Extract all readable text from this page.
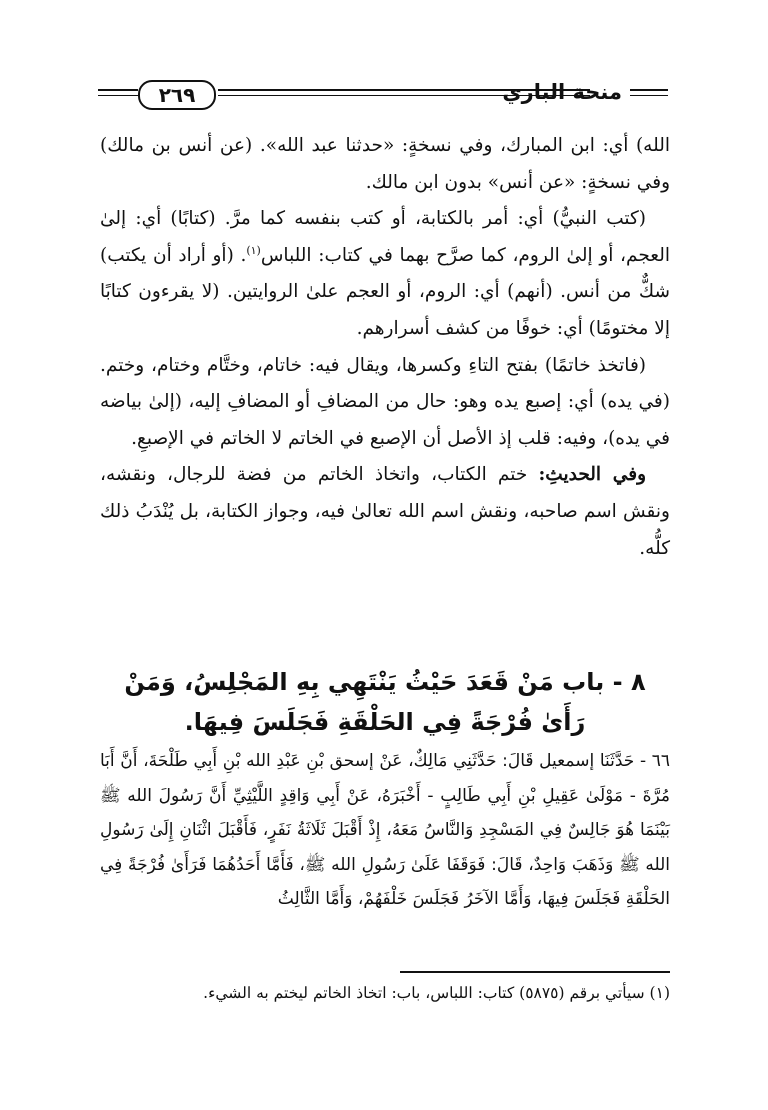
٢٦٩	منحة الباري

الله) أي: ابن المبارك، وفي نسخةٍ: «حدثنا عبد الله». (عن أنس بن مالك) وفي نسخةٍ: «عن أنس» بدون ابن مالك.

(كتب النبيُّ) أي: أمر بالكتابة، أو كتب بنفسه كما مرَّ. (كتابًا) أي: إلىٰ العجم، أو إلىٰ الروم، كما صرَّح بهما في كتاب: اللباس$^{(١)}$. (أو أراد أن يكتب) شكٌّ من أنس. (أنهم) أي: الروم، أو العجم علىٰ الروايتين. (لا يقرءون كتابًا إلا مختومًا) أي: خوفًا من كشف أسرارهم.

(فاتخذ خاتمًا) بفتح التاءِ وكسرها، ويقال فيه: خاتام، وختَّام وختام، وختم. (في يده) أي: إصبع يده وهو: حال من المضافِ أو المضافِ إليه، (إلىٰ بياضه في يده)، وفيه: قلب إذ الأصل أن الإصبع في الخاتم لا الخاتم في الإصبعِ.

وفي الحديثِ: ختم الكتاب، واتخاذ الخاتم من فضة للرجال، ونقشه، ونقش اسم صاحبه، ونقش اسم الله تعالىٰ فيه، وجواز الكتابة، بل يُنْدَبُ ذلك كلُّه.

٨ - باب مَنْ قَعَدَ حَيْثُ يَنْتَهِي بِهِ المَجْلِسُ، وَمَنْ رَأَىٰ فُرْجَةً فِي الحَلْقَةِ فَجَلَسَ فِيهَا.

٦٦ - حَدَّثَنَا إسمعيل قَالَ: حَدَّثَنِي مَالِكٌ، عَنْ إسحق بْنِ عَبْدِ الله بْنِ أَبِي طَلْحَةَ، أَنَّ أَبَا مُرَّةَ - مَوْلَىٰ عَقِيلِ بْنِ أَبِي طَالِبٍ - أَخْبَرَهُ، عَنْ أَبِي وَاقِدٍ اللَّيْثِيِّ أَنَّ رَسُولَ الله ﷺ بَيْنَمَا هُوَ جَالِسٌ فِي المَسْجِدِ وَالنَّاسُ مَعَهُ، إِذْ أَقْبَلَ ثَلَاثَةُ نَفَرٍ، فَأَقْبَلَ اثْنَانِ إِلَىٰ رَسُولِ الله ﷺ وَذَهَبَ وَاحِدٌ، قَالَ: فَوَقَفَا عَلَىٰ رَسُولِ الله ﷺ، فَأَمَّا أَحَدُهُمَا فَرَأَىٰ فُرْجَةً فِي الحَلْقَةِ فَجَلَسَ فِيهَا، وَأَمَّا الآخَرُ فَجَلَسَ خَلْفَهُمْ، وَأَمَّا الثَّالِثُ

(١) سيأتي برقم (٥٨٧٥) كتاب: اللباس، باب: اتخاذ الخاتم ليختم به الشيء.
